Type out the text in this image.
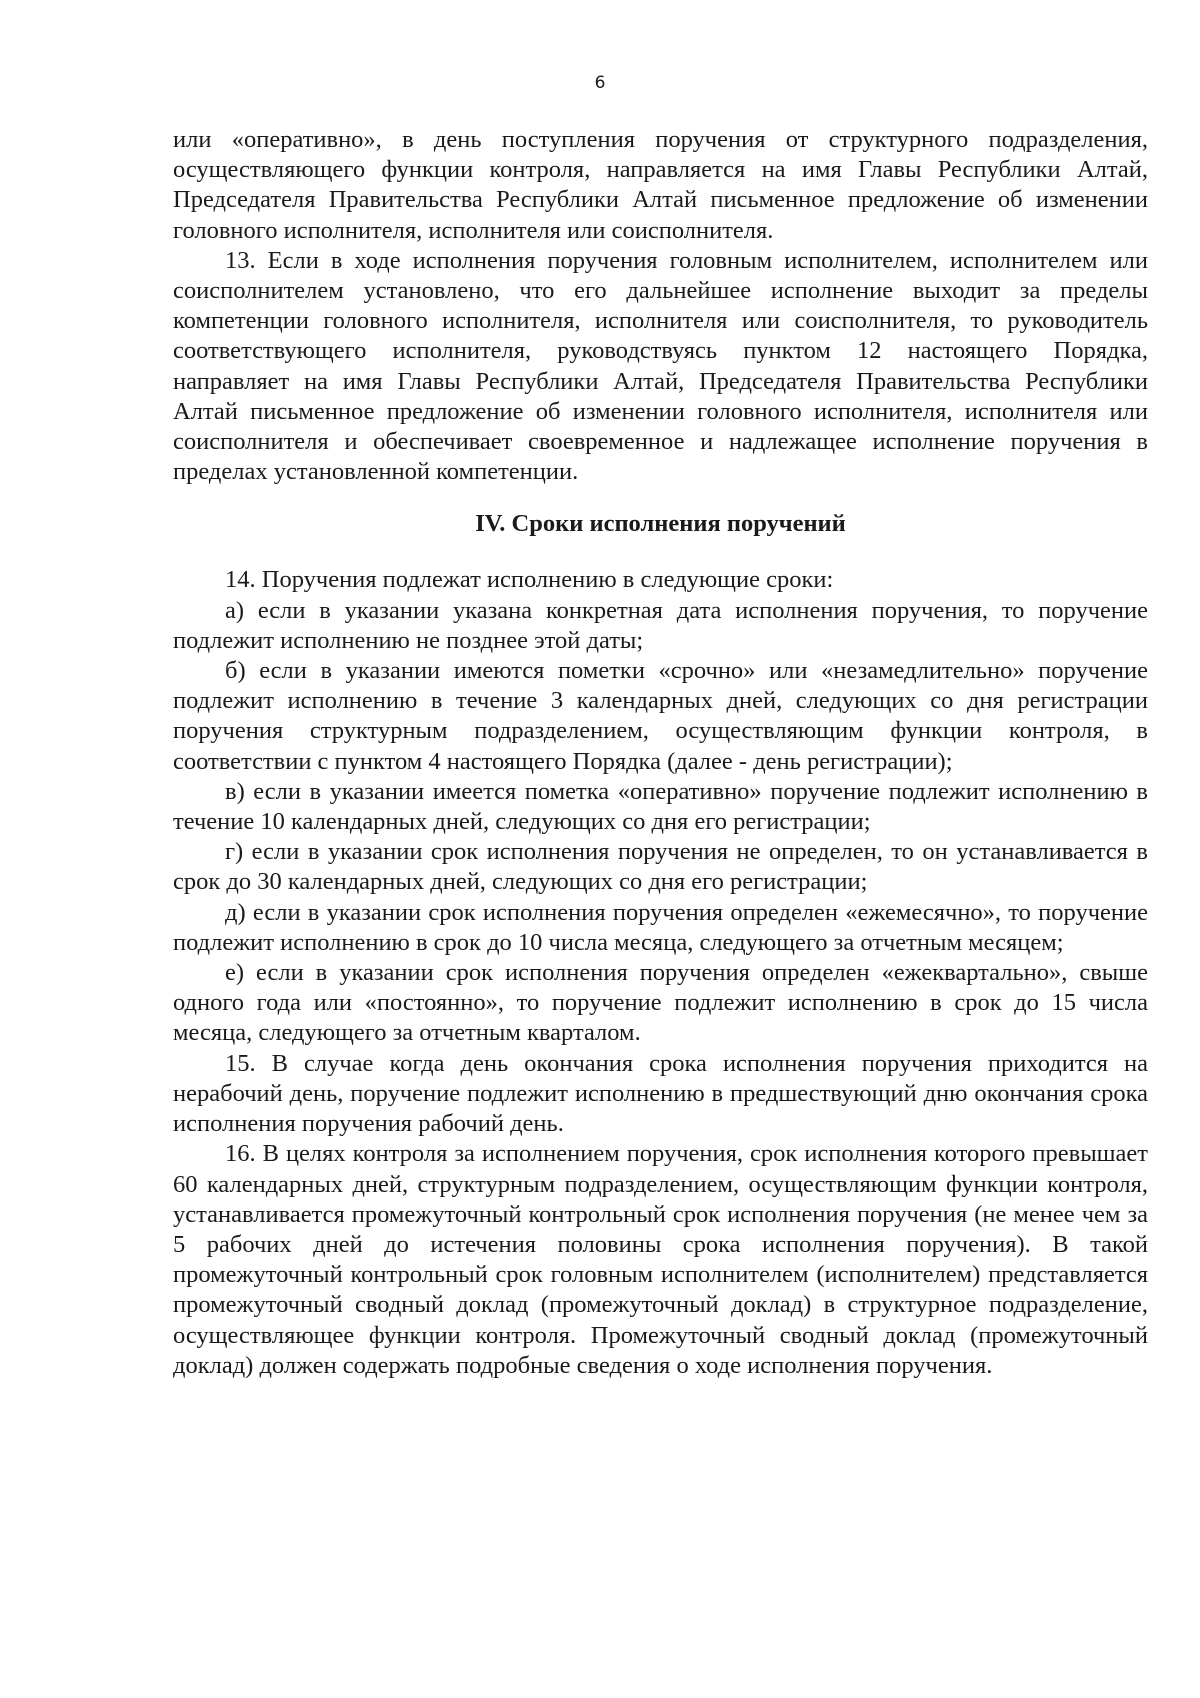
6

или «оперативно», в день поступления поручения от структурного подразделения, осуществляющего функции контроля, направляется на имя Главы Республики Алтай, Председателя Правительства Республики Алтай письменное предложение об изменении головного исполнителя, исполнителя или соисполнителя.

13. Если в ходе исполнения поручения головным исполнителем, исполнителем или соисполнителем установлено, что его дальнейшее исполнение выходит за пределы компетенции головного исполнителя, исполнителя или соисполнителя, то руководитель соответствующего исполнителя, руководствуясь пунктом 12 настоящего Порядка, направляет на имя Главы Республики Алтай, Председателя Правительства Республики Алтай письменное предложение об изменении головного исполнителя, исполнителя или соисполнителя и обеспечивает своевременное и надлежащее исполнение поручения в пределах установленной компетенции.

IV. Сроки исполнения поручений

14. Поручения подлежат исполнению в следующие сроки:

а) если в указании указана конкретная дата исполнения поручения, то поручение подлежит исполнению не позднее этой даты;

б) если в указании имеются пометки «срочно» или «незамедлительно» поручение подлежит исполнению в течение 3 календарных дней, следующих со дня регистрации поручения структурным подразделением, осуществляющим функции контроля, в соответствии с пунктом 4 настоящего Порядка (далее - день регистрации);

в) если в указании имеется пометка «оперативно» поручение подлежит исполнению в течение 10 календарных дней, следующих со дня его регистрации;

г) если в указании срок исполнения поручения не определен, то он устанавливается в срок до 30 календарных дней, следующих со дня его регистрации;

д) если в указании срок исполнения поручения определен «ежемесячно», то поручение подлежит исполнению в срок до 10 числа месяца, следующего за отчетным месяцем;

е) если в указании срок исполнения поручения определен «ежеквартально», свыше одного года или «постоянно», то поручение подлежит исполнению в срок до 15 числа месяца, следующего за отчетным кварталом.

15. В случае когда день окончания срока исполнения поручения приходится на нерабочий день, поручение подлежит исполнению в предшествующий дню окончания срока исполнения поручения рабочий день.

16. В целях контроля за исполнением поручения, срок исполнения которого превышает 60 календарных дней, структурным подразделением, осуществляющим функции контроля, устанавливается промежуточный контрольный срок исполнения поручения (не менее чем за 5 рабочих дней до истечения половины срока исполнения поручения). В такой промежуточный контрольный срок головным исполнителем (исполнителем) представляется промежуточный сводный доклад (промежуточный доклад) в структурное подразделение, осуществляющее функции контроля. Промежуточный сводный доклад (промежуточный доклад) должен содержать подробные сведения о ходе исполнения поручения.
